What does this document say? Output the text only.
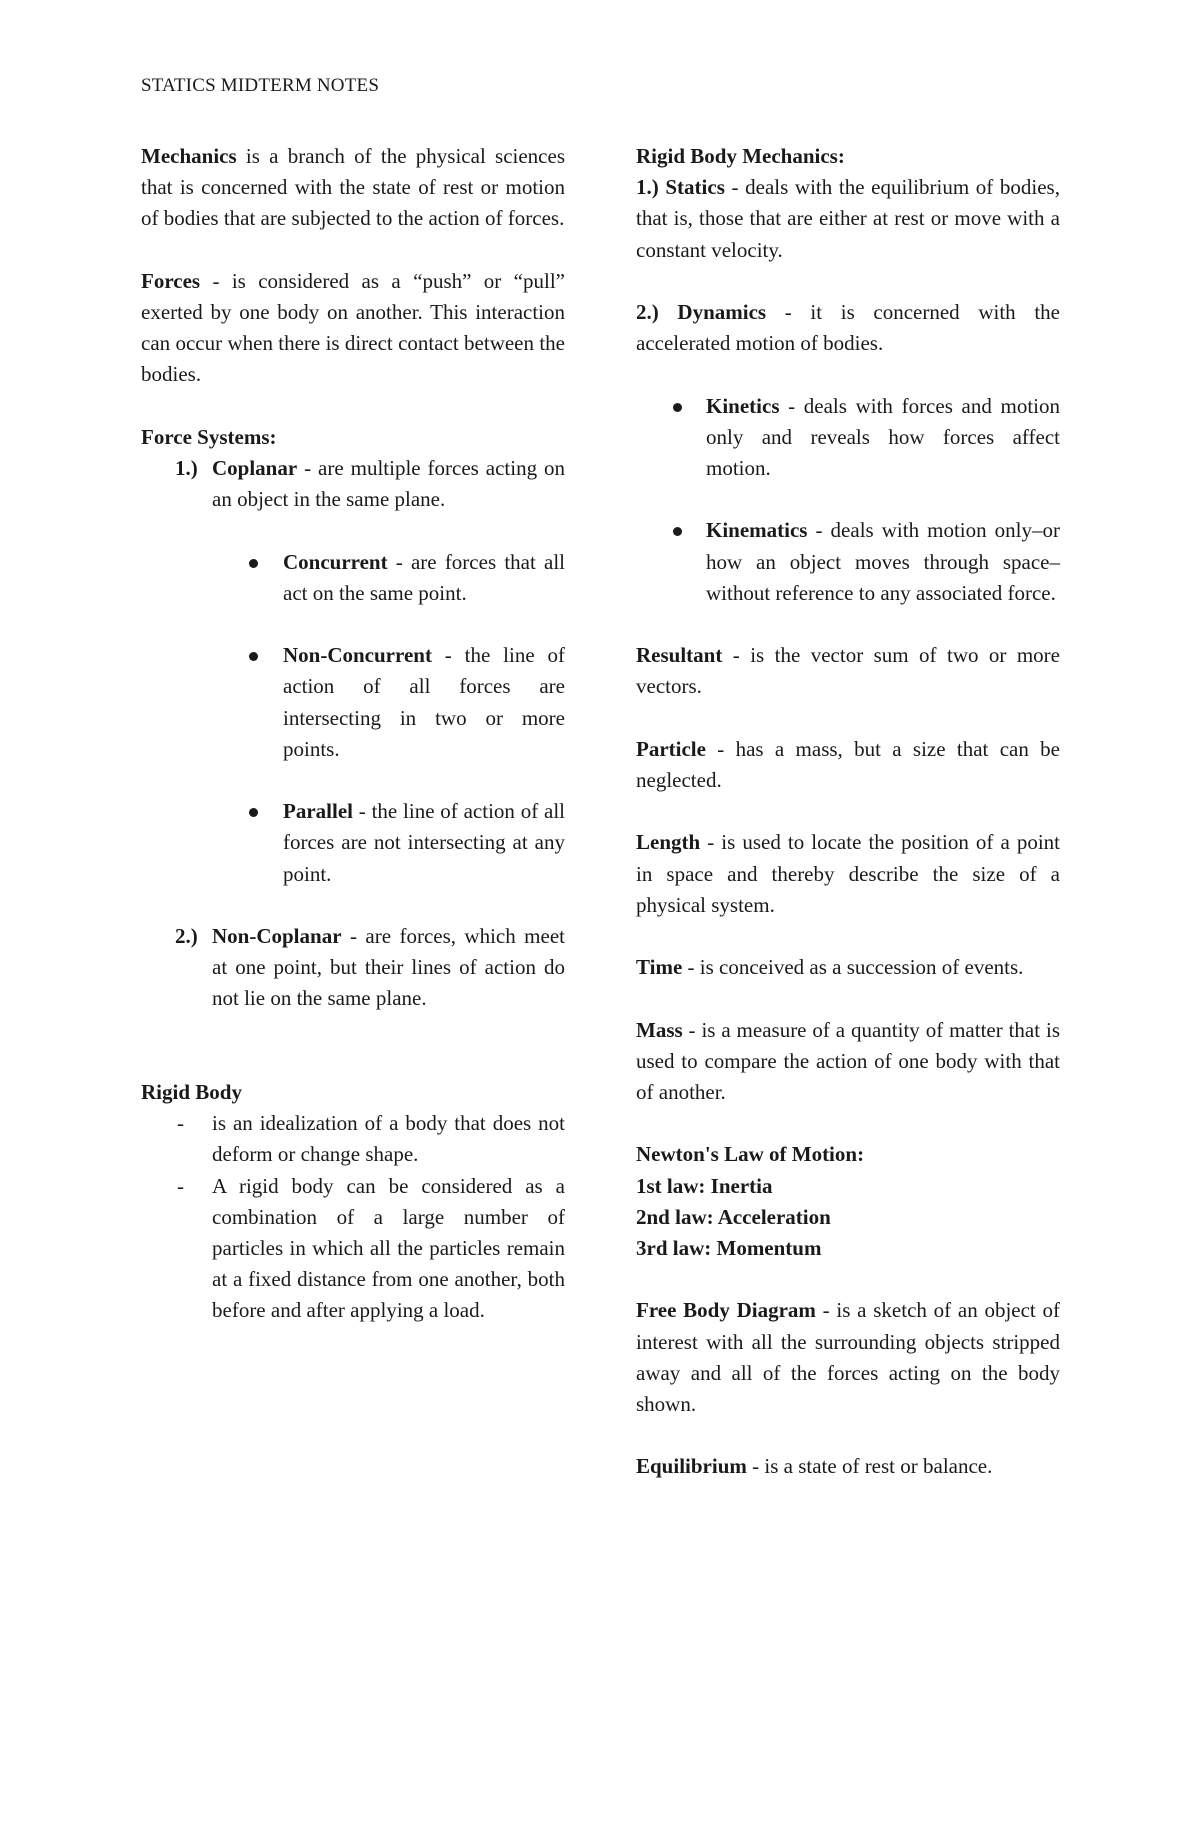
STATICS MIDTERM NOTES

Mechanics is a branch of the physical sciences that is concerned with the state of rest or motion of bodies that are subjected to the action of forces.

Forces - is considered as a “push” or “pull” exerted by one body on another. This interaction can occur when there is direct contact between the bodies.

Force Systems:

1.) Coplanar - are multiple forces acting on an object in the same plane.
Concurrent - are forces that all act on the same point.
Non-Concurrent - the line of action of all forces are intersecting in two or more points.
Parallel - the line of action of all forces are not intersecting at any point.
2.) Non-Coplanar - are forces, which meet at one point, but their lines of action do not lie on the same plane.

Rigid Body

- is an idealization of a body that does not deform or change shape.
- A rigid body can be considered as a combination of a large number of particles in which all the particles remain at a fixed distance from one another, both before and after applying a load.

Rigid Body Mechanics:

1.) Statics - deals with the equilibrium of bodies, that is, those that are either at rest or move with a constant velocity.

2.) Dynamics - it is concerned with the accelerated motion of bodies.

Kinetics - deals with forces and motion only and reveals how forces affect motion.
Kinematics - deals with motion only–or how an object moves through space–without reference to any associated force.

Resultant - is the vector sum of two or more vectors.

Particle - has a mass, but a size that can be neglected.

Length - is used to locate the position of a point in space and thereby describe the size of a physical system.

Time - is conceived as a succession of events.

Mass - is a measure of a quantity of matter that is used to compare the action of one body with that of another.

Newton's Law of Motion:

1st law: Inertia

2nd law: Acceleration

3rd law: Momentum

Free Body Diagram - is a sketch of an object of interest with all the surrounding objects stripped away and all of the forces acting on the body shown.

Equilibrium - is a state of rest or balance.
